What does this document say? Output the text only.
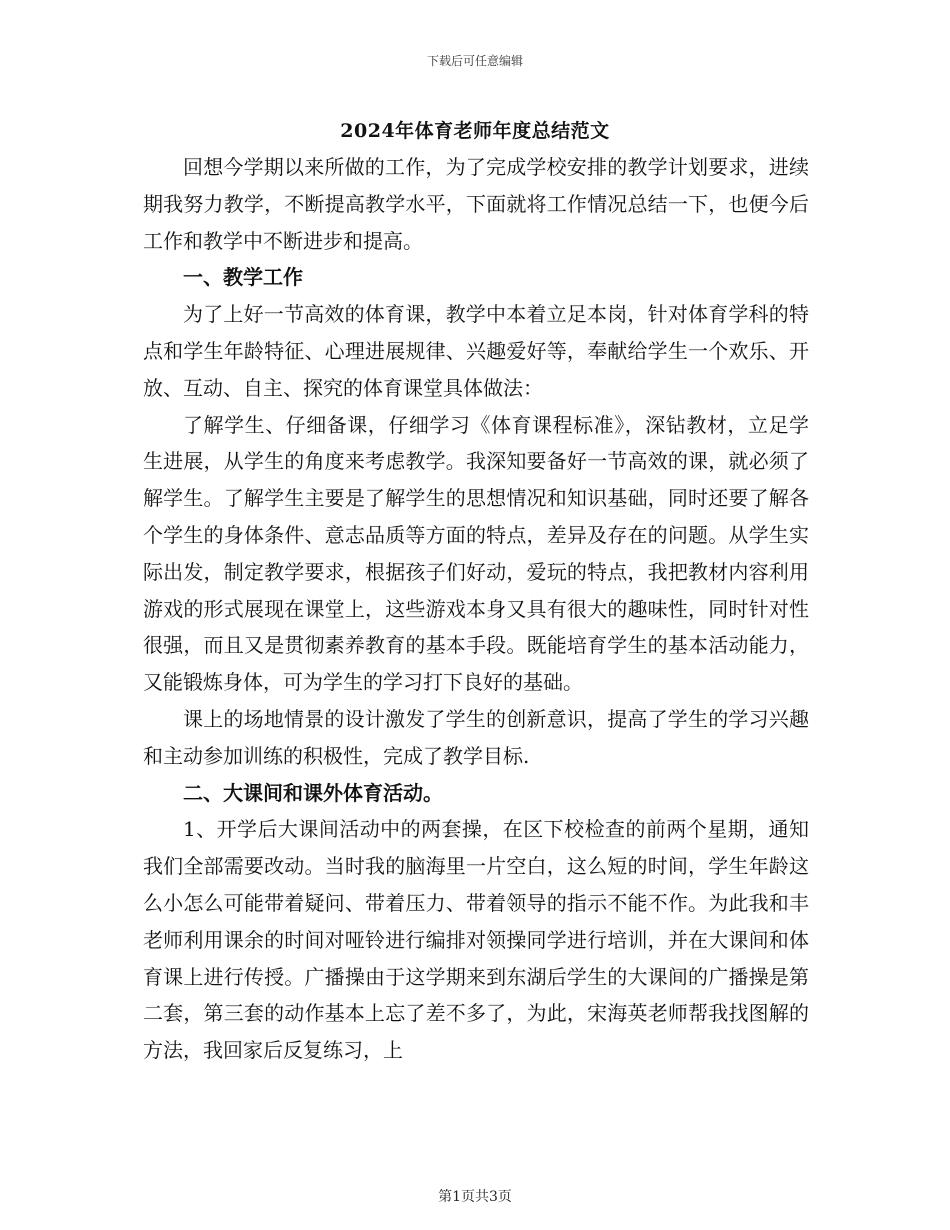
下载后可任意编辑
2024年体育老师年度总结范文

回想今学期以来所做的工作，为了完成学校安排的教学计划要求，进续期我努力教学，不断提高教学水平，下面就将工作情况总结一下，也便今后工作和教学中不断进步和提高。

一、教学工作

为了上好一节高效的体育课，教学中本着立足本岗，针对体育学科的特点和学生年龄特征、心理进展规律、兴趣爱好等，奉献给学生一个欢乐、开放、互动、自主、探究的体育课堂具体做法：

了解学生、仔细备课，仔细学习《体育课程标准》，深钻教材，立足学生进展，从学生的角度来考虑教学。我深知要备好一节高效的课，就必须了解学生。了解学生主要是了解学生的思想情况和知识基础，同时还要了解各个学生的身体条件、意志品质等方面的特点，差异及存在的问题。从学生实际出发，制定教学要求，根据孩子们好动，爱玩的特点，我把教材内容利用游戏的形式展现在课堂上，这些游戏本身又具有很大的趣味性，同时针对性很强，而且又是贯彻素养教育的基本手段。既能培育学生的基本活动能力，又能锻炼身体，可为学生的学习打下良好的基础。

课上的场地情景的设计激发了学生的创新意识，提高了学生的学习兴趣和主动参加训练的积极性，完成了教学目标.

二、大课间和课外体育活动。

1、开学后大课间活动中的两套操，在区下校检查的前两个星期，通知我们全部需要改动。当时我的脑海里一片空白，这么短的时间，学生年龄这么小怎么可能带着疑问、带着压力、带着领导的指示不能不作。为此我和丰老师利用课余的时间对哑铃进行编排对领操同学进行培训，并在大课间和体育课上进行传授。广播操由于这学期来到东湖后学生的大课间的广播操是第二套，第三套的动作基本上忘了差不多了，为此，宋海英老师帮我找图解的方法，我回家后反复练习，上

第1页共3页
